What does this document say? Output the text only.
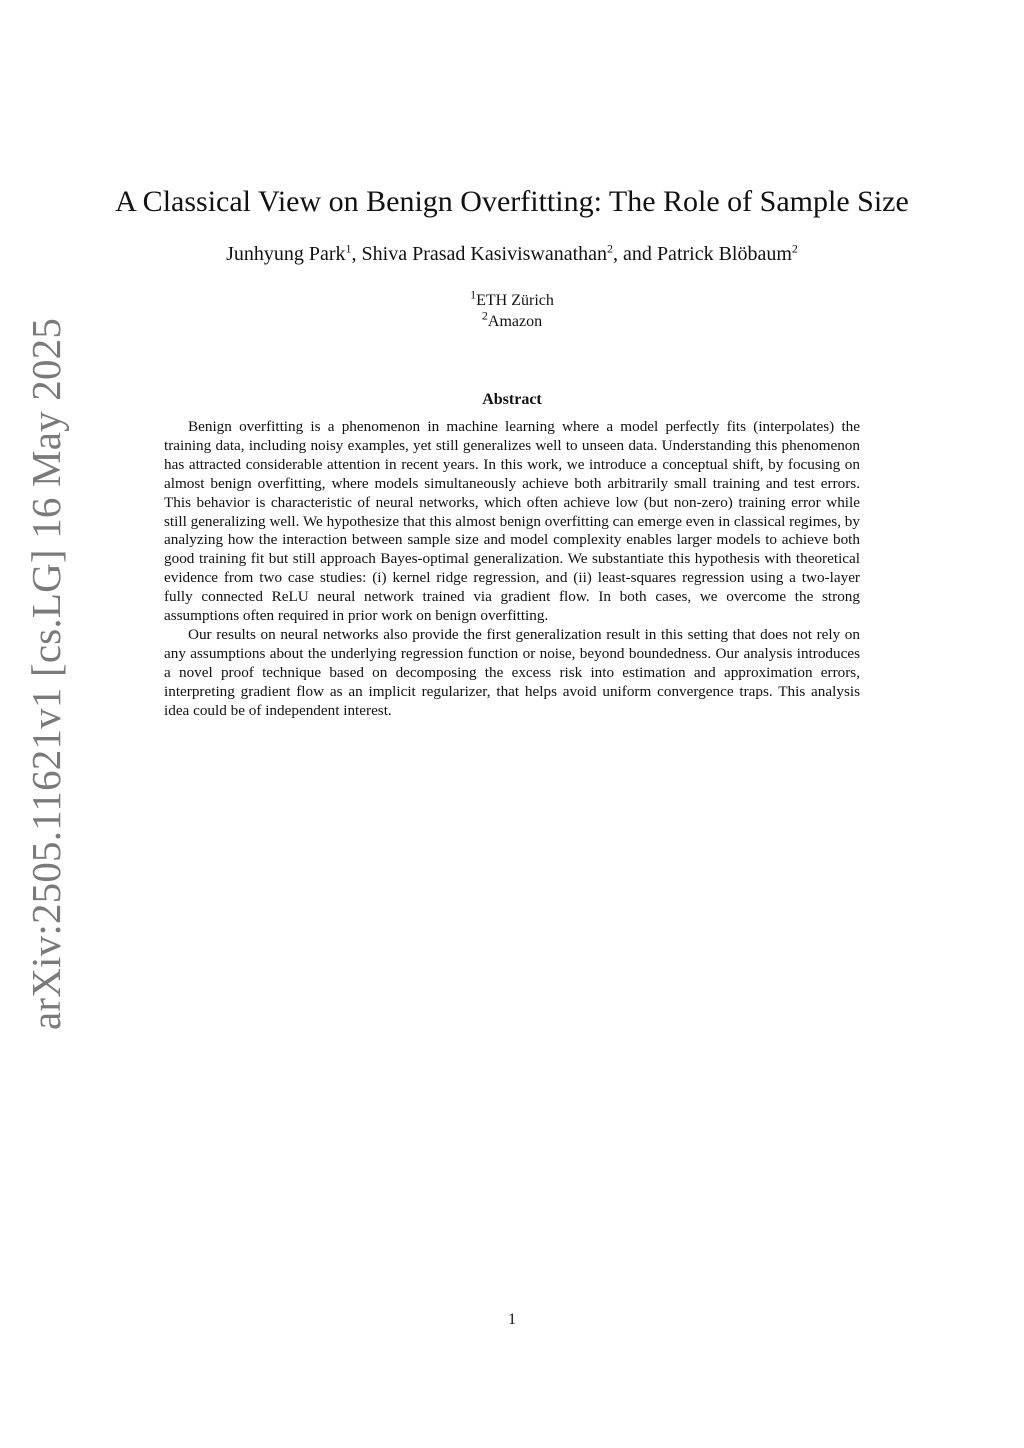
arXiv:2505.11621v1 [cs.LG] 16 May 2025
A Classical View on Benign Overfitting: The Role of Sample Size
Junhyung Park$^1$, Shiva Prasad Kasiviswanathan$^2$, and Patrick Blöbaum$^2$
$^1$ETH Zürich
$^2$Amazon
Abstract

Benign overfitting is a phenomenon in machine learning where a model perfectly fits (interpolates) the training data, including noisy examples, yet still generalizes well to unseen data. Understanding this phenomenon has attracted considerable attention in recent years. In this work, we introduce a conceptual shift, by focusing on almost benign overfitting, where models simultaneously achieve both arbitrarily small training and test errors. This behavior is characteristic of neural networks, which often achieve low (but non-zero) training error while still generalizing well. We hypothesize that this almost benign overfitting can emerge even in classical regimes, by analyzing how the interaction between sample size and model complexity enables larger models to achieve both good training fit but still approach Bayes-optimal generalization. We substantiate this hypothesis with theoretical evidence from two case studies: (i) kernel ridge regression, and (ii) least-squares regression using a two-layer fully connected ReLU neural network trained via gradient flow. In both cases, we overcome the strong assumptions often required in prior work on benign overfitting.

Our results on neural networks also provide the first generalization result in this setting that does not rely on any assumptions about the underlying regression function or noise, beyond boundedness. Our analysis introduces a novel proof technique based on decomposing the excess risk into estimation and approximation errors, interpreting gradient flow as an implicit regularizer, that helps avoid uniform convergence traps. This analysis idea could be of independent interest.

1
